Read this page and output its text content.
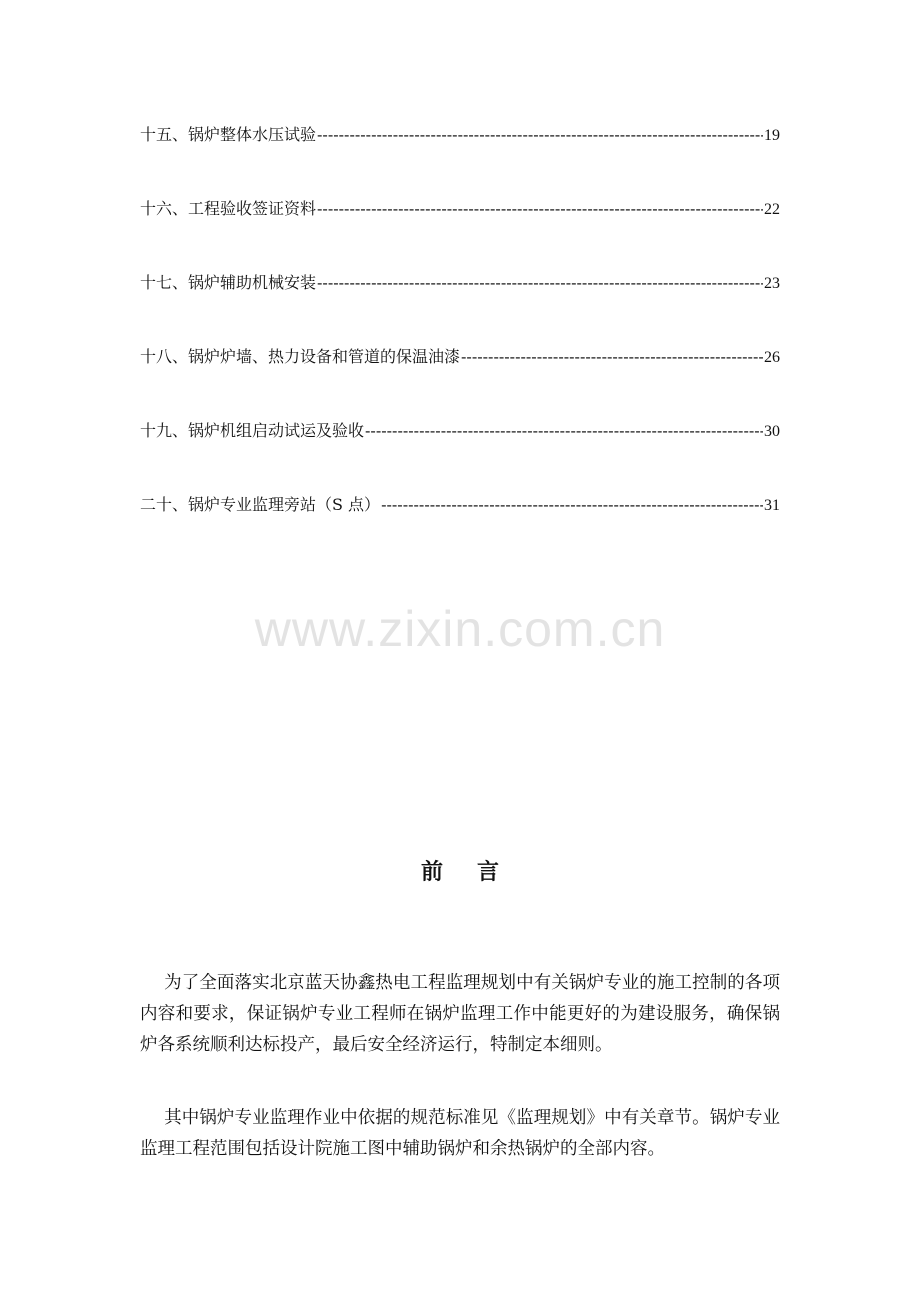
十五、锅炉整体水压试验 -----	19
十六、工程验收签证资料 -----	22
十七、锅炉辅助机械安装 -----	23
十八、锅炉炉墙、热力设备和管道的保温油漆 -----	26
十九、锅炉机组启动试运及验收 -----	30
二十、锅炉专业监理旁站（S 点） -----	31
www.zixin.com.cn
前言

为了全面落实北京蓝天协鑫热电工程监理规划中有关锅炉专业的施工控制的各项内容和要求，保证锅炉专业工程师在锅炉监理工作中能更好的为建设服务，确保锅炉各系统顺利达标投产，最后安全经济运行，特制定本细则。

其中锅炉专业监理作业中依据的规范标准见《监理规划》中有关章节。锅炉专业监理工程范围包括设计院施工图中辅助锅炉和余热锅炉的全部内容。
